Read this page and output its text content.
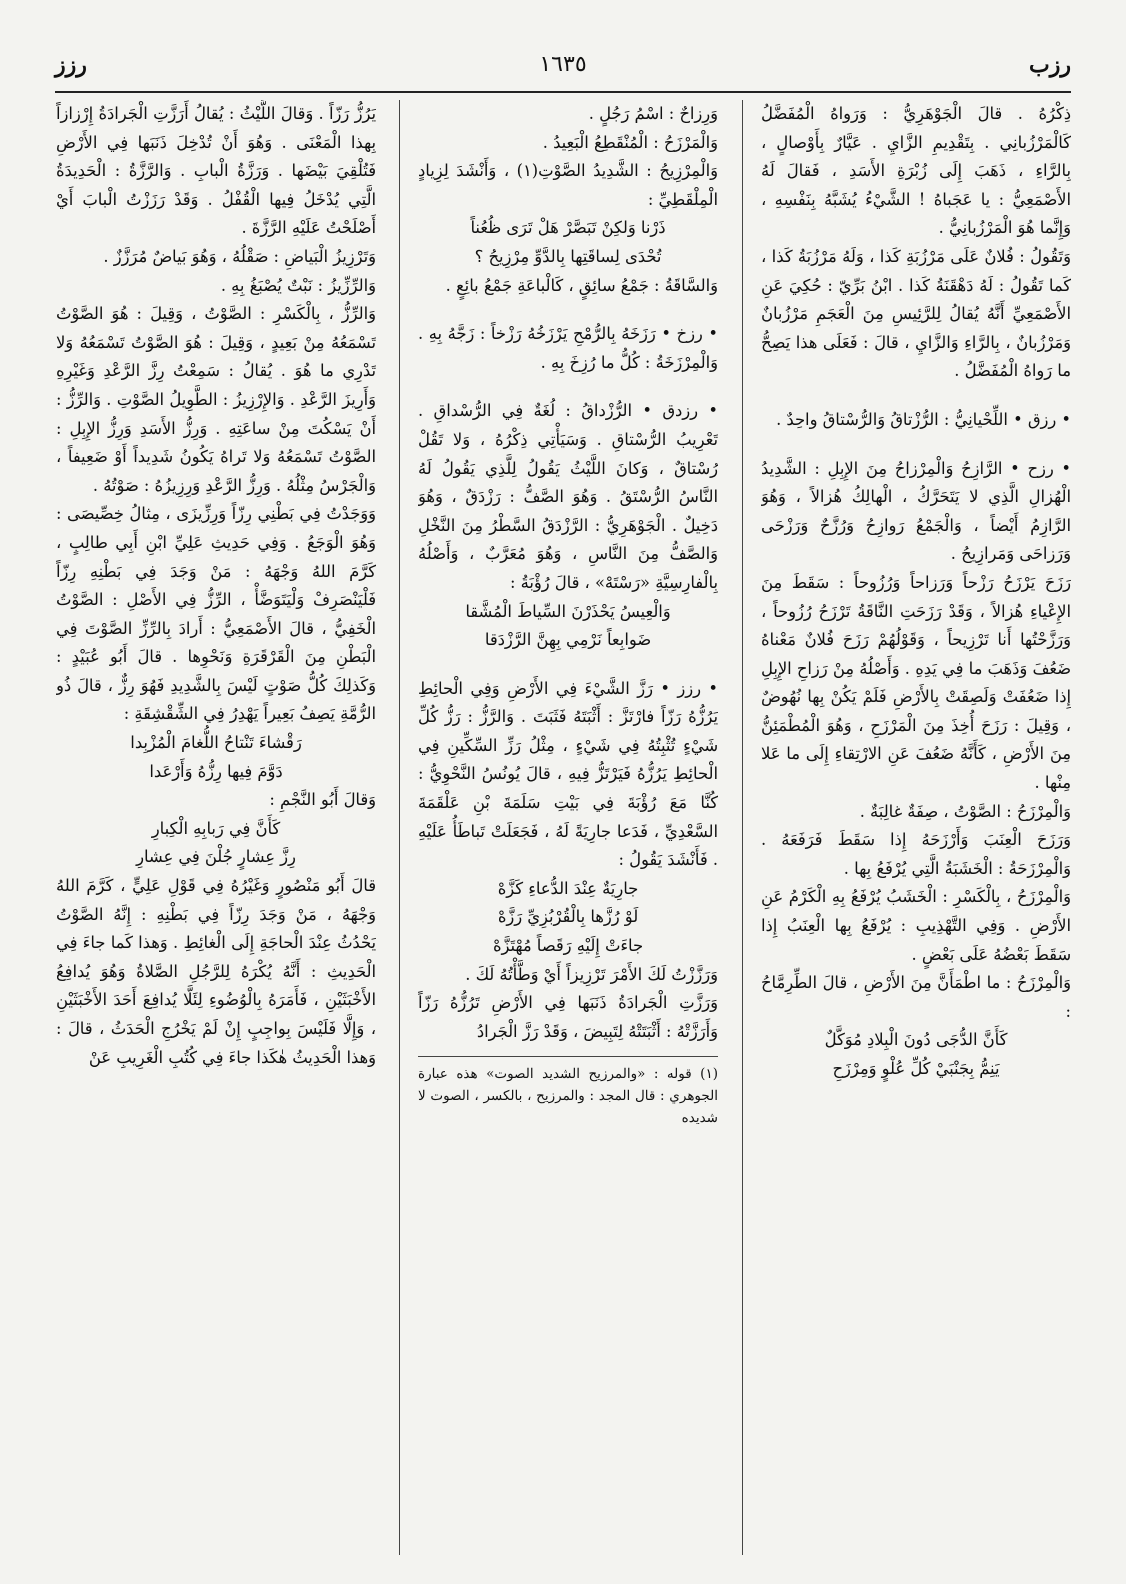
رزب
١٦٣٥
رزز

ذِكْرُهُ . قالَ الْجَوْهَرِيُّ : وَرَواهُ الْمُفَضَّلُ كَالْمَرْزُبانِي . بِتَقْدِيمِ الزَّايِ . عَيَّارٌ بِأَوْصالٍ ، بِالرَّاءِ ، ذَهَبَ إِلَى زُبْرَةِ الأَسَدِ ، فَقالَ لَهُ الأَصْمَعِيُّ : يا عَجَباهُ ! الشَّيْءُ يُشَبَّهُ بِنَفْسِهِ ، وَإِنَّما هُوَ الْمَرْزُبانِيُّ .

وَتَقُولُ : فُلانٌ عَلَى مَرْزُبَةِ كَذا ، وَلَهُ مَرْزُبَةُ كَذا ، كَما تَقُولُ : لَهُ دَهْقَنَةُ كَذا . ابْنُ بَرِّيّ : حُكِيَ عَنِ الأَصْمَعِيِّ أَنَّهُ يُقالُ لِلرَّئِيسِ مِنَ الْعَجَمِ مَرْزُبانٌ وَمَرْزُبانٌ ، بِالرَّاءِ وَالزَّايِ ، قالَ : فَعَلَى هذا يَصِحُّ ما رَواهُ الْمُفَضَّلُ .

• رزق • اللِّحْيانِيُّ : الرُّزْتاقُ وَالرُّسْتاقُ واحِدٌ .

• رزح • الرَّازِحُ وَالْمِرْزاحُ مِنَ الإِبِلِ : الشَّدِيدُ الْهُزالِ الَّذِي لا يَتَحَرَّكُ ، الْهالِكُ هُزالاً ، وَهُوَ الرَّازِمُ أَيْضاً ، وَالْجَمْعُ رَوازِحُ وَرُزَّحٌ وَرَزْحَى وَرَزاحَى وَمَرازِيحُ .

رَزَحَ يَرْزَحُ رَزْحاً وَرَزاحاً وَرُزُوحاً : سَقَطَ مِنَ الإِعْياءِ هُزالاً ، وَقَدْ رَزَحَتِ النَّاقَةُ تَرْزَحُ رُزُوحاً ، وَرَزَّحْتُها أَنا تَرْزِيحاً ، وَقَوْلُهُمْ رَزَحَ فُلانٌ مَعْناهُ ضَعُفَ وَذَهَبَ ما فِي يَدِهِ . وَأَصْلُهُ مِنْ رَزاحِ الإِبِلِ إِذا ضَعُفَتْ وَلَصِقَتْ بِالأَرْضِ فَلَمْ يَكُنْ بِها نُهُوضٌ ، وَقِيلَ : رَزَحَ أُخِذَ مِنَ الْمَرْزَحِ ، وَهُوَ الْمُطْمَئِنُّ مِنَ الأَرْضِ ، كَأَنَّهُ ضَعُفَ عَنِ الارْتِقاءِ إِلَى ما عَلا مِنْها .

وَالْمِرْزَحُ : الصَّوْتُ ، صِفَةٌ غالِبَةٌ .

وَرَزَحَ الْعِنَبَ وَأَرْزَحَهُ إِذا سَقَطَ فَرَفَعَهُ . وَالْمِرْزَحَةُ : الْخَشَبَةُ الَّتِي يُرْفَعُ بِها .

وَالْمِرْزَحُ ، بِالْكَسْرِ : الْخَشَبُ يُرْفَعُ بِهِ الْكَرْمُ عَنِ الأَرْضِ . وَفِي التَّهْذِيبِ : يُرْفَعُ بِها الْعِنَبُ إِذا سَقَطَ بَعْضُهُ عَلَى بَعْضٍ .

وَالْمِرْزَحُ : ما اطْمَأَنَّ مِنَ الأَرْضِ ، قالَ الطِّرِمَّاحُ :

كَأَنَّ الدُّجَى دُونَ الْبِلادِ مُوَكَّلٌ
يَنِمُّ بِجَنْبَيْ كُلِّ عُلْوٍ وَمِرْزَحِ

وَرِزاحٌ : اسْمُ رَجُلٍ .

وَالْمَرْزَحُ : الْمُنْقَطِعُ الْبَعِيدُ .

وَالْمِرْزِيحُ : الشَّدِيدُ الصَّوْتِ(١) ، وَأَنْشَدَ لِزِيادٍ الْمِلْقَطِيِّ :

ذَرْنا وَلكِنْ تَبَصَّرْ هَلْ تَرَى ظُعُناً
تُحْدَى لِساقَتِها بِالدَّوِّ مِرْزِيحُ ؟

وَالسَّاقَةُ : جَمْعُ سائِقٍ ، كَالْباعَةِ جَمْعُ بائِعٍ .

• رزخ • رَزَخَهُ بِالرُّمْحِ يَرْزَخُهُ رَزْخاً : زَجَّهُ بِهِ . وَالْمِرْزَخَةُ : كُلُّ ما رُزِخَ بِهِ .

• رزدق • الرُّزْداقُ : لُغَةٌ فِي الرُّسْداقِ . تَعْرِيبُ الرُّسْتاقِ . وَسَيَأْتِي ذِكْرُهُ ، وَلا تَقُلْ رُسْتاقٌ ، وَكانَ اللَّيْثُ يَقُولُ لِلَّذِي يَقُولُ لَهُ النَّاسُ الرُّسْتَقُ . وَهُوَ الصَّفُّ : رَزْدَقٌ ، وَهُوَ دَخِيلٌ . الْجَوْهَرِيُّ : الرَّزْدَقُ السَّطْرُ مِنَ النَّخْلِ وَالصَّفُّ مِنَ النَّاسِ ، وَهُوَ مُعَرَّبٌ ، وَأَصْلُهُ بِالْفارِسِيَّةِ «رَسْتَهْ» ، قالَ رُؤْبَةُ :

وَالْعِيسُ يَحْذَرْنَ السِّياطَ الْمُشَّقا
ضَوابِعاً نَرْمِي بِهِنَّ الرَّزْدَقا

• رزز • رَزَّ الشَّيْءَ فِي الأَرْضِ وَفِي الْحائِطِ يَرُزُّهُ رَزّاً فارْتَزَّ : أَثْبَتَهُ فَثَبَتَ . وَالرَّزُّ : رَزُّ كُلِّ شَيْءٍ تُثْبِتُهُ فِي شَيْءٍ ، مِثْلُ رَزِّ السِّكِّينِ فِي الْحائِطِ يَرُزُّهُ فَيَرْتَزُّ فِيهِ ، قالَ يُونُسُ النَّحْوِيُّ : كُنَّا مَعَ رُؤْبَةَ فِي بَيْتِ سَلَمَةَ بْنِ عَلْقَمَةَ السَّعْدِيِّ ، فَدَعا جارِيَةً لَهُ ، فَجَعَلَتْ تَباطَأُ عَلَيْهِ . فَأَنْشَدَ يَقُولُ :

جارِيَةٌ عِنْدَ الدُّعاءِ كَزَّهْ
لَوْ رُزَّها بِالْقُرْبُزِيِّ رَزَّهْ
جاءَتْ إِلَيْهِ رَقَصاً مُهْتَزَّهْ

وَرَزَّزْتُ لَكَ الأَمْرَ تَرْزِيزاً أَيْ وَطَّأْتُهُ لَكَ .

وَرَزَّتِ الْجَرادَةُ ذَنَبَها فِي الأَرْضِ تَرُزُّهُ رَزّاً وَأَرَزَّتْهُ : أَثْبَتَتْهُ لِتَبِيضَ ، وَقَدْ رَزَّ الْجَرادُ

(١) قوله : «والمرزيح الشديد الصوت» هذه عبارة الجوهري : قال المجد : والمرزيح ، بالكسر ، الصوت لا شديده

يَرُزُّ رَزّاً . وَقالَ اللَّيْثُ : يُقالُ أَرَزَّتِ الْجَرادَةُ إِرْزازاً بِهذا الْمَعْنَى . وَهُوَ أَنْ تُدْخِلَ ذَنَبَها فِي الأَرْضِ فَتُلْقِيَ بَيْضَها . وَرَزَّةُ الْبابِ . وَالرَّزَّةُ : الْحَدِيدَةُ الَّتِي يُدْخَلُ فِيها الْقُفْلُ . وَقَدْ رَزَزْتُ الْبابَ أَيْ أَصْلَحْتُ عَلَيْهِ الرَّزَّةَ .

وَتَرْزِيزُ الْبَياضِ : صَقْلُهُ ، وَهُوَ بَياضٌ مُرَزَّزٌ .

وَالرِّزِّيزُ : نَبْتٌ يُصْبَغُ بِهِ .

وَالرِّزُّ ، بِالْكَسْرِ : الصَّوْتُ ، وَقِيلَ : هُوَ الصَّوْتُ تَسْمَعُهُ مِنْ بَعِيدٍ ، وَقِيلَ : هُوَ الصَّوْتُ تَسْمَعُهُ وَلا تَدْرِي ما هُوَ . يُقالُ : سَمِعْتُ رِزَّ الرَّعْدِ وَغَيْرِهِ وَأَرِيزَ الرَّعْدِ . وَالإِرْزِيزُ : الطَّوِيلُ الصَّوْتِ . وَالرِّزُّ : أَنْ يَسْكُتَ مِنْ ساعَتِهِ . وَرِزُّ الأَسَدِ وَرِزُّ الإِبِلِ : الصَّوْتُ تَسْمَعُهُ وَلا تَراهُ يَكُونُ شَدِيداً أَوْ ضَعِيفاً ، وَالْجَرْسُ مِثْلُهُ . وَرِزُّ الرَّعْدِ وَرِزِيزُهُ : صَوْتُهُ .

وَوَجَدْتُ فِي بَطْنِي رِزّاً وَرِزِّيزَى ، مِثالُ خِصِّيصَى : وَهُوَ الْوَجَعُ . وَفِي حَدِيثِ عَلِيِّ ابْنِ أَبِي طالِبٍ ، كَرَّمَ اللهُ وَجْهَهُ : مَنْ وَجَدَ فِي بَطْنِهِ رِزّاً فَلْيَنْصَرِفْ وَلْيَتَوَضَّأْ ، الرِّزُّ فِي الأَصْلِ : الصَّوْتُ الْخَفِيُّ ، قالَ الأَصْمَعِيُّ : أَرادَ بِالرِّزِّ الصَّوْتَ فِي الْبَطْنِ مِنَ الْقَرْقَرَةِ وَنَحْوِها . قالَ أَبُو عُبَيْدٍ : وَكَذلِكَ كُلُّ صَوْتٍ لَيْسَ بِالشَّدِيدِ فَهُوَ رِزٌّ ، قالَ ذُو الرُّمَّةِ يَصِفُ بَعِيراً يَهْدِرُ فِي الشِّقْشِقَةِ :

رَقْشاءَ تَنْتاحُ اللُّغامَ الْمُزْبِدا
دَوَّمَ فِيها رِزُّهُ وَأَرْعَدا

وَقالَ أَبُو النَّجْمِ :

كَأَنَّ فِي رَبابِهِ الْكِبارِ
رِزَّ عِشارٍ جُلْنَ فِي عِشارِ

قالَ أَبُو مَنْصُورٍ وَغَيْرُهُ فِي قَوْلِ عَلِيٍّ ، كَرَّمَ اللهُ وَجْهَهُ ، مَنْ وَجَدَ رِزّاً فِي بَطْنِهِ : إِنَّهُ الصَّوْتُ يَحْدُثُ عِنْدَ الْحاجَةِ إِلَى الْغائِطِ . وَهذا كَما جاءَ فِي الْحَدِيثِ : أَنَّهُ يُكْرَهُ لِلرَّجُلِ الصَّلاةُ وَهُوَ يُدافِعُ الأَخْبَثَيْنِ ، فَأَمَرَهُ بِالْوُضُوءِ لِئَلَّا يُدافِعَ أَحَدَ الأَخْبَثَيْنِ ، وَإِلَّا فَلَيْسَ بِواجِبٍ إِنْ لَمْ يَخْرُجِ الْحَدَثُ ، قالَ : وَهذا الْحَدِيثُ هٰكَذا جاءَ فِي كُتُبِ الْغَرِيبِ عَنْ
